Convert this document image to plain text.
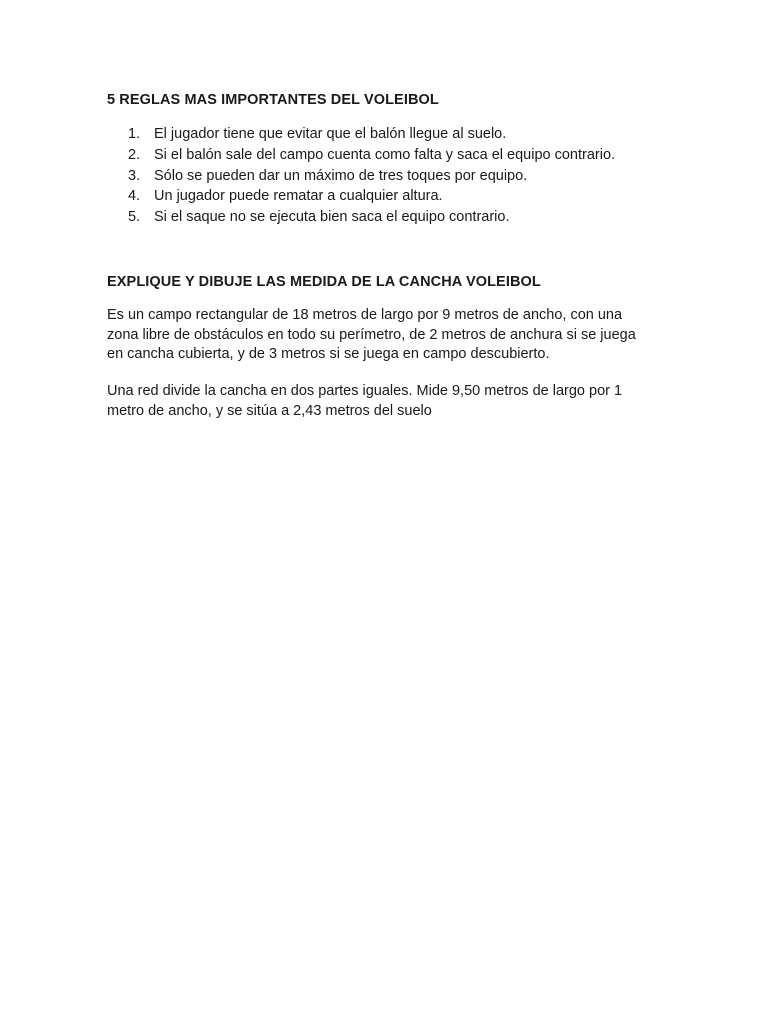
5 REGLAS MAS IMPORTANTES DEL VOLEIBOL
1. El jugador tiene que evitar que el balón llegue al suelo.
2. Si el balón sale del campo cuenta como falta y saca el equipo contrario.
3. Sólo se pueden dar un máximo de tres toques por equipo.
4. Un jugador puede rematar a cualquier altura.
5. Si el saque no se ejecuta bien saca el equipo contrario.
EXPLIQUE Y DIBUJE LAS MEDIDA DE LA CANCHA VOLEIBOL

Es un campo rectangular de 18 metros de largo por 9 metros de ancho, con una
zona libre de obstáculos en todo su perímetro, de 2 metros de anchura si se juega
en cancha cubierta, y de 3 metros si se juega en campo descubierto.

Una red divide la cancha en dos partes iguales. Mide 9,50 metros de largo por 1
metro de ancho, y se sitúa a 2,43 metros del suelo
